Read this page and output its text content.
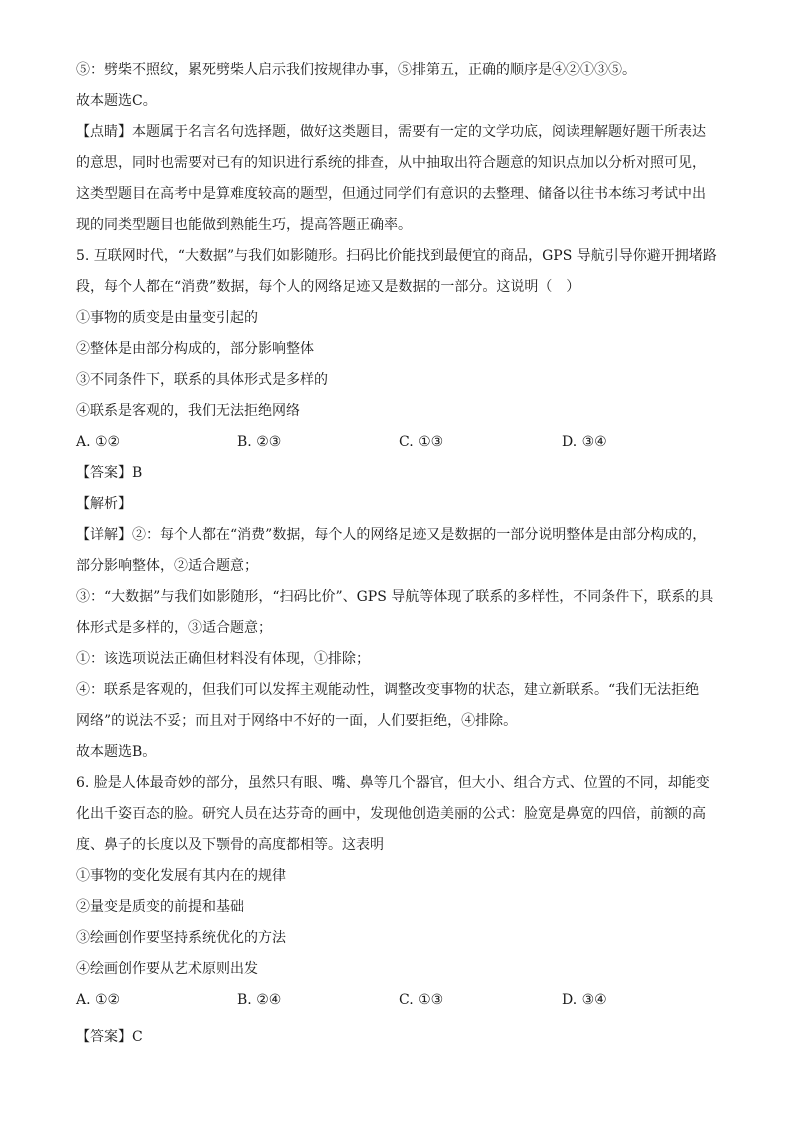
⑤：劈柴不照纹，累死劈柴人启示我们按规律办事，⑤排第五，正确的顺序是④②①③⑤。
故本题选C。
【点睛】本题属于名言名句选择题，做好这类题目，需要有一定的文学功底，阅读理解题好题干所表达
的意思，同时也需要对已有的知识进行系统的排查，从中抽取出符合题意的知识点加以分析对照可见，
这类型题目在高考中是算难度较高的题型，但通过同学们有意识的去整理、储备以往书本练习考试中出
现的同类型题目也能做到熟能生巧，提高答题正确率。
5. 互联网时代，“大数据”与我们如影随形。扫码比价能找到最便宜的商品，GPS 导航引导你避开拥堵路
段，每个人都在“消费”数据，每个人的网络足迹又是数据的一部分。这说明（　）
①事物的质变是由量变引起的
②整体是由部分构成的，部分影响整体
③不同条件下，联系的具体形式是多样的
④联系是客观的，我们无法拒绝网络
A. ①②	B. ②③	C. ①③	D. ③④
【答案】B
【解析】
【详解】②：每个人都在“消费”数据，每个人的网络足迹又是数据的一部分说明整体是由部分构成的，
部分影响整体，②适合题意；
③：“大数据”与我们如影随形，“扫码比价”、GPS 导航等体现了联系的多样性，不同条件下，联系的具
体形式是多样的，③适合题意；
①：该选项说法正确但材料没有体现，①排除；
④：联系是客观的，但我们可以发挥主观能动性，调整改变事物的状态，建立新联系。“我们无法拒绝
网络”的说法不妥；而且对于网络中不好的一面，人们要拒绝，④排除。
故本题选B。
6. 脸是人体最奇妙的部分，虽然只有眼、嘴、鼻等几个器官，但大小、组合方式、位置的不同，却能变
化出千姿百态的脸。研究人员在达芬奇的画中，发现他创造美丽的公式：脸宽是鼻宽的四倍，前额的高
度、鼻子的长度以及下颚骨的高度都相等。这表明
①事物的变化发展有其内在的规律
②量变是质变的前提和基础
③绘画创作要坚持系统优化的方法
④绘画创作要从艺术原则出发
A. ①②	B. ②④	C. ①③	D. ③④
【答案】C
